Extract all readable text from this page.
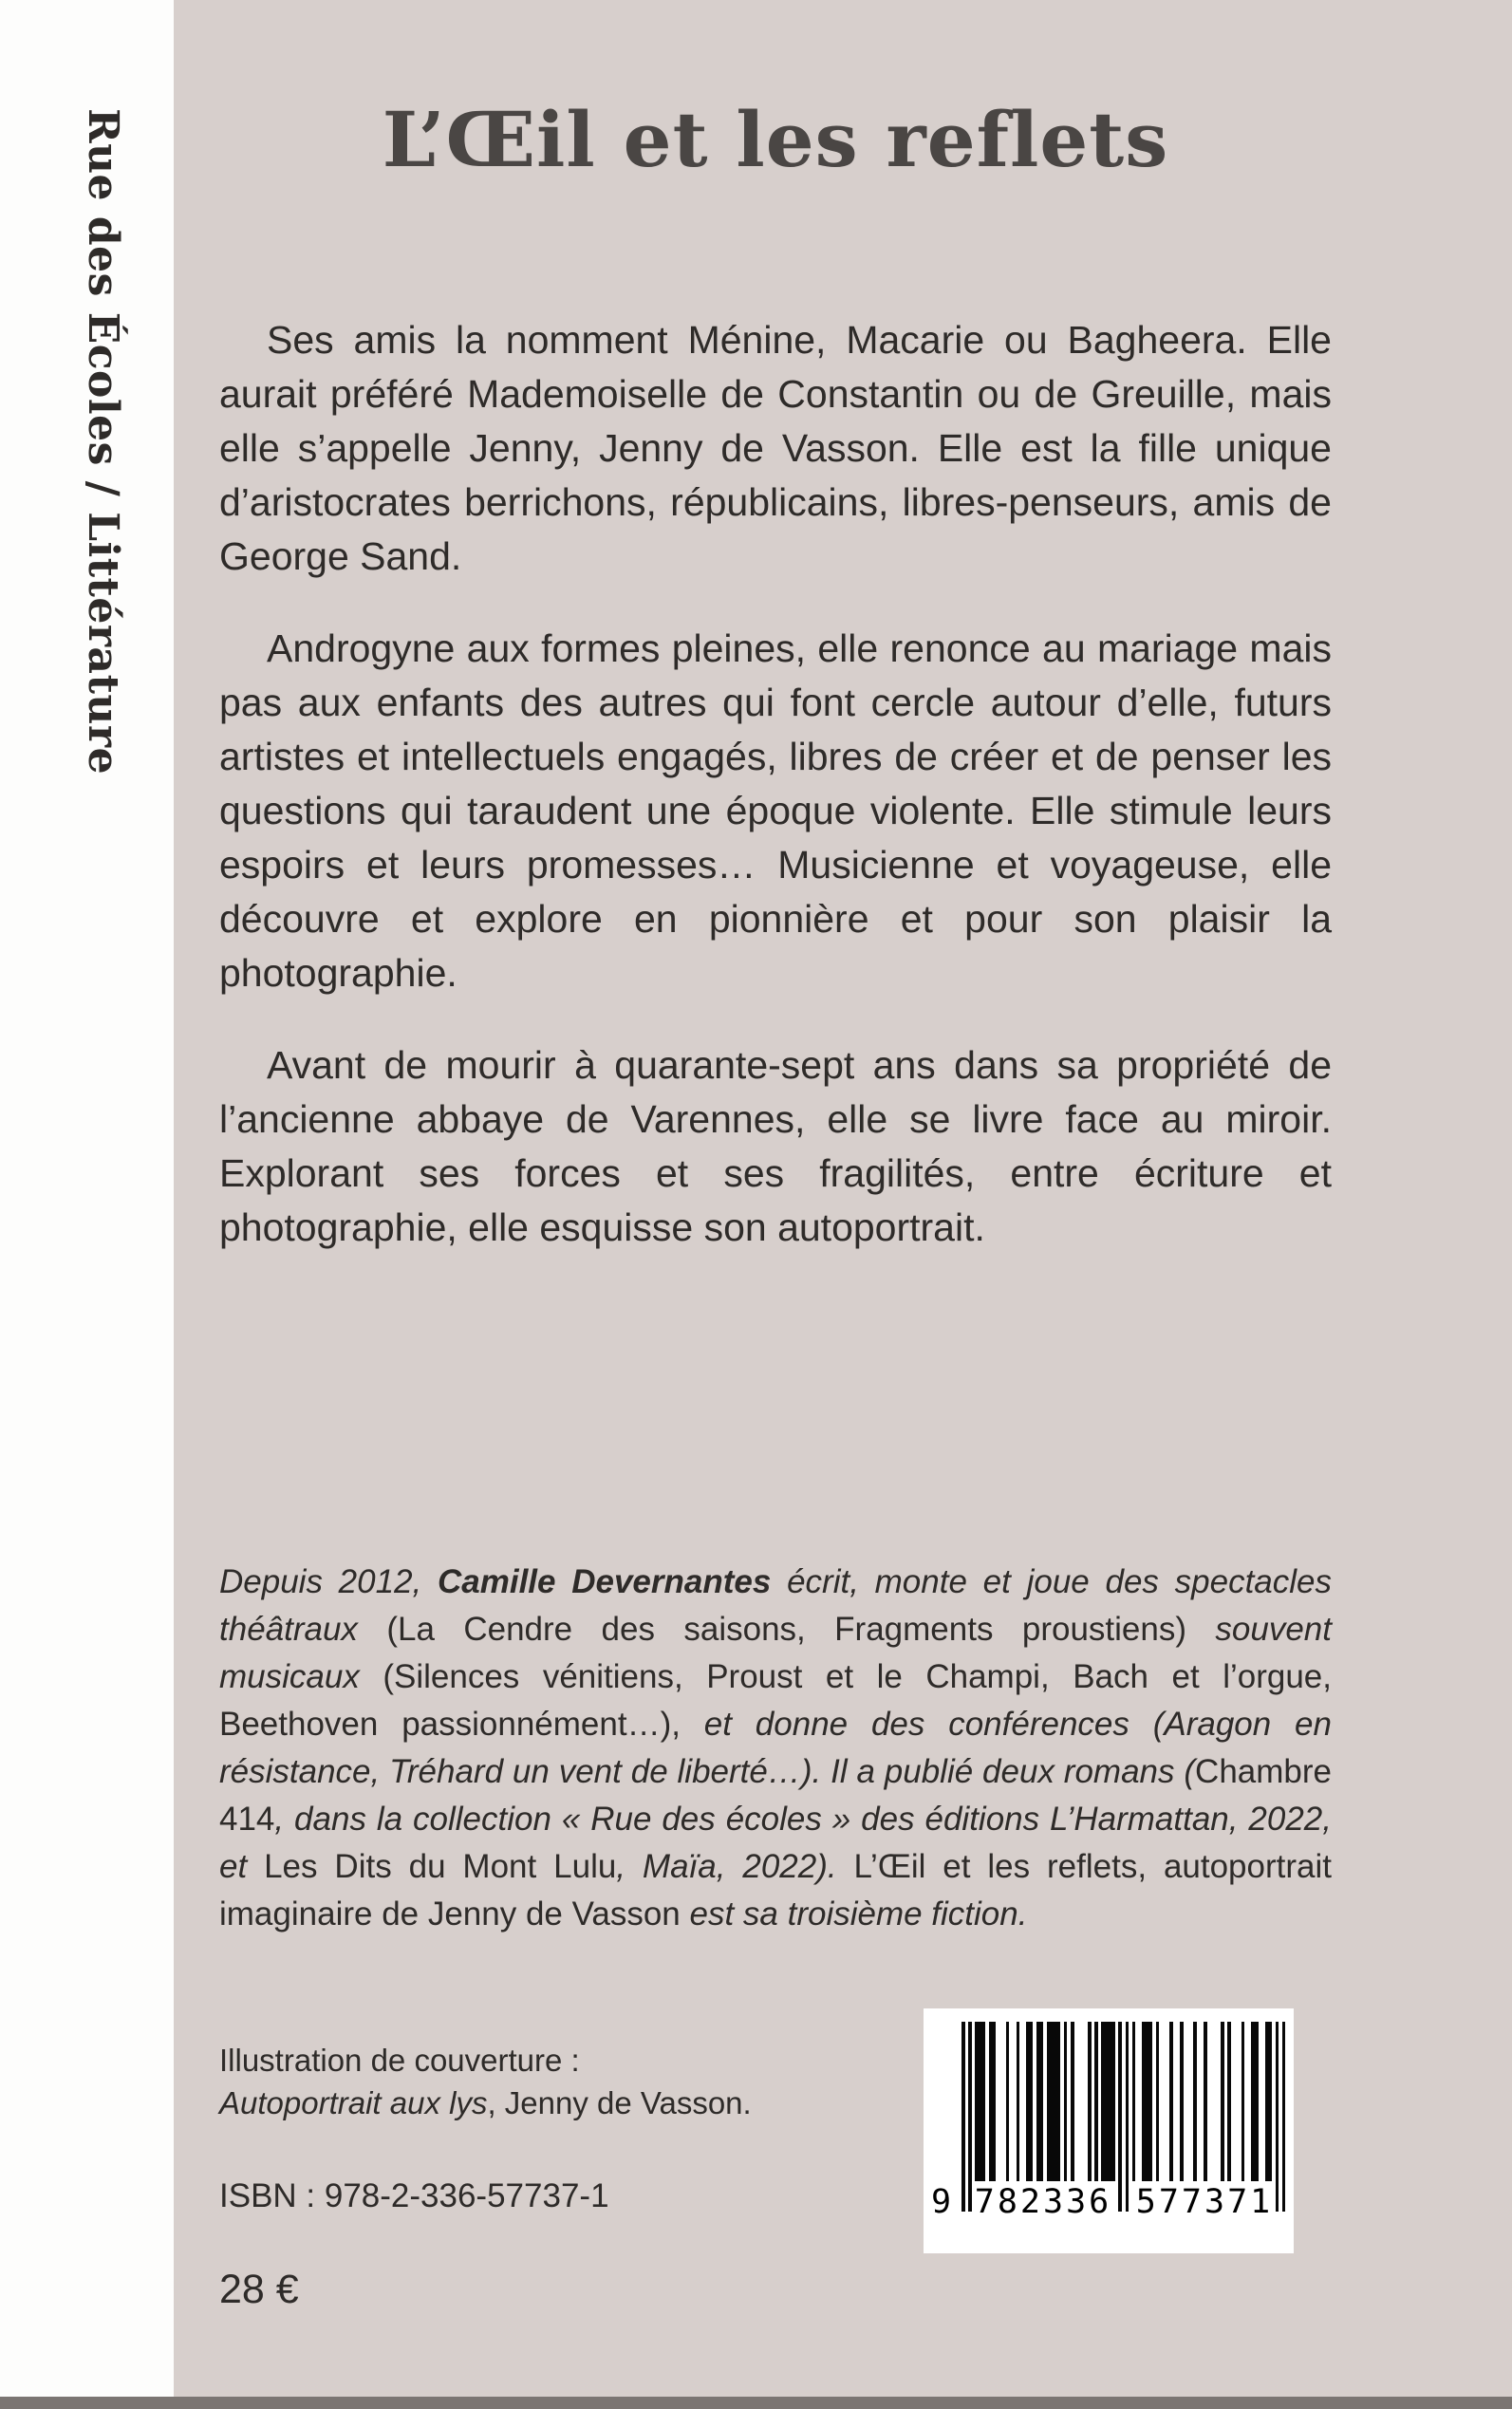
Rue des Écoles / Littérature	L’Œil et les reflets

Ses amis la nomment Ménine, Macarie ou Bagheera. Elle aurait préféré Mademoiselle de Constantin ou de Greuille, mais elle s’appelle Jenny, Jenny de Vasson. Elle est la fille unique d’aristocrates berrichons, républicains, libres-penseurs, amis de George Sand.

Androgyne aux formes pleines, elle renonce au mariage mais pas aux enfants des autres qui font cercle autour d’elle, futurs artistes et intellectuels engagés, libres de créer et de penser les questions qui taraudent une époque violente. Elle stimule leurs espoirs et leurs promesses… Musicienne et voyageuse, elle découvre et explore en pionnière et pour son plaisir la photographie.

Avant de mourir à quarante-sept ans dans sa propriété de l’ancienne abbaye de Varennes, elle se livre face au miroir. Explorant ses forces et ses fragilités, entre écriture et photographie, elle esquisse son autoportrait.

Depuis 2012, Camille Devernantes écrit, monte et joue des spectacles théâtraux (La Cendre des saisons, Fragments proustiens) souvent musicaux (Silences vénitiens, Proust et le Champi, Bach et l’orgue, Beethoven passionnément…), et donne des conférences (Aragon en résistance, Tréhard un vent de liberté…). Il a publié deux romans (Chambre 414, dans la collection « Rue des écoles » des éditions L’Harmattan, 2022, et Les Dits du Mont Lulu, Maïa, 2022). L’Œil et les reflets, autoportrait imaginaire de Jenny de Vasson est sa troisième fiction.

Illustration de couverture :
Autoportrait aux lys, Jenny de Vasson.
ISBN : 978-2-336-57737-1
28 €
9 782336 577371
